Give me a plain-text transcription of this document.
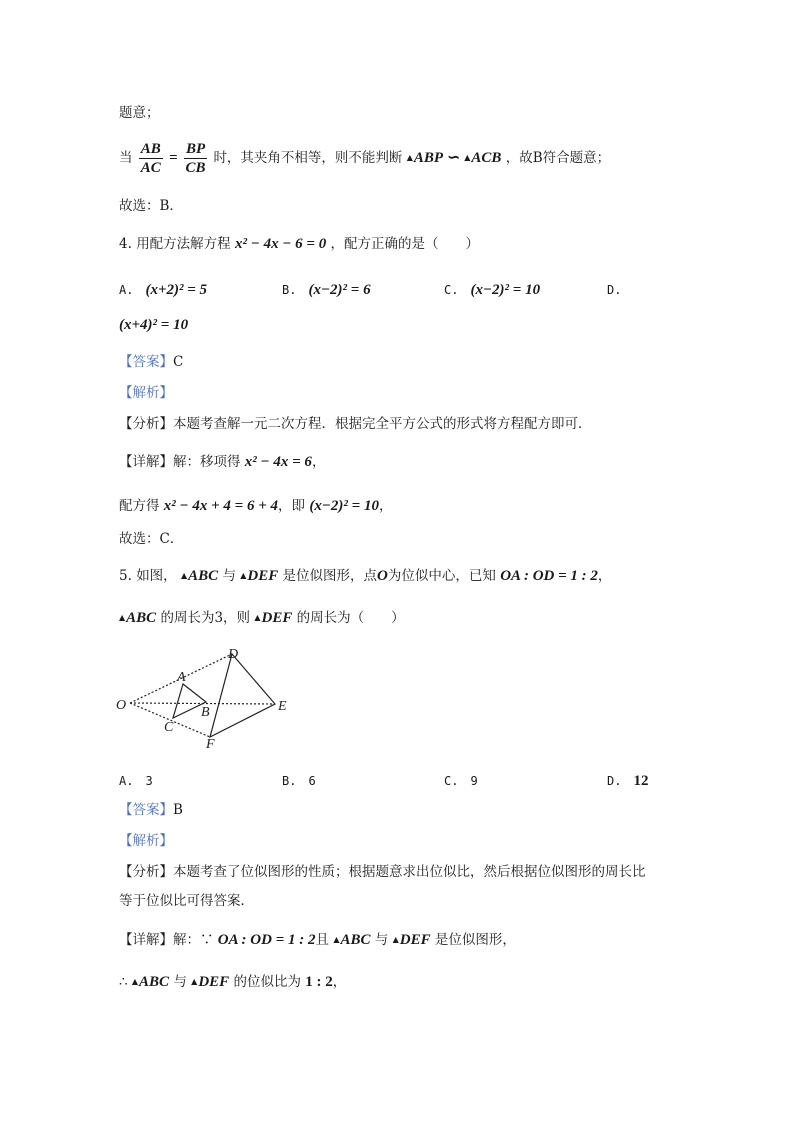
题意；
当 $\frac{AB}{AC} = \frac{BP}{CB}$ 时，其夹角不相等，则不能判断 ▲ABP ∽ ▲ACB ，故B符合题意；
故选：B．
4. 用配方法解方程 x² − 4x − 6 = 0 ，配方正确的是（　　）
A. (x+2)² = 5	B. (x−2)² = 6	C. (x−2)² = 10	D.
(x+4)² = 10
【答案】C
【解析】
【分析】本题考查解一元二次方程．根据完全平方公式的形式将方程配方即可．
【详解】解：移项得 x² − 4x = 6，
配方得 x² − 4x + 4 = 6 + 4，即 (x−2)² = 10，
故选：C．
5. 如图， ▲ABC 与 ▲DEF 是位似图形，点O为位似中心，已知 OA : OD = 1 : 2，
▲ABC 的周长为3，则 ▲DEF 的周长为（　　）
O
A
B
C
D
E
F
A. 3	B. 6	C. 9	D. 12
【答案】B
【解析】
【分析】本题考查了位似图形的性质；根据题意求出位似比，然后根据位似图形的周长比
等于位似比可得答案．
【详解】解：∵ OA : OD = 1 : 2且 ▲ABC 与 ▲DEF 是位似图形，
∴ ▲ABC 与 ▲DEF 的位似比为 1 : 2，
